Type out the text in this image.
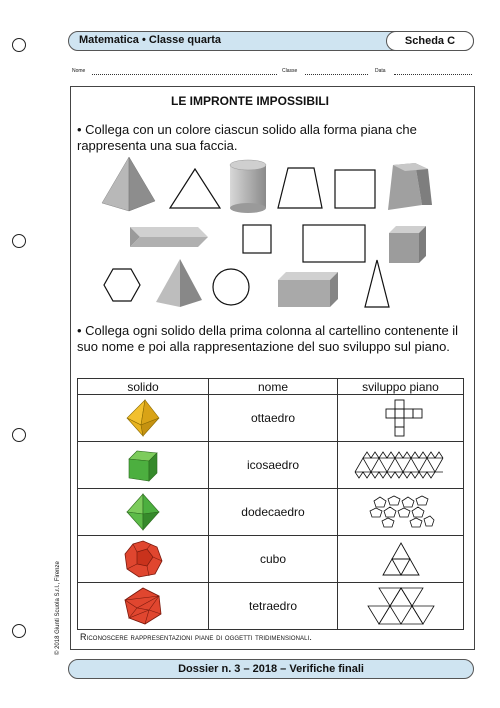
Matematica • Classe quarta	Scheda C
Nome	Classe	Data
LE IMPRONTE IMPOSSIBILI
• Collega con un colore ciascun solido alla forma piana che rappresenta una sua faccia.
• Collega ogni solido della prima colonna al cartellino contenente il suo nome e poi alla rappresentazione del suo sviluppo sul piano.
solido	nome	sviluppo piano

	ottaedro	

	icosaedro	

	dodecaedro	

	cubo	

	tetraedro	
Riconoscere rappresentazioni piane di oggetti tridimensionali.
© 2018 Giunti Scuola S.r.l., Firenze
Dossier n. 3 – 2018 – Verifiche finali
